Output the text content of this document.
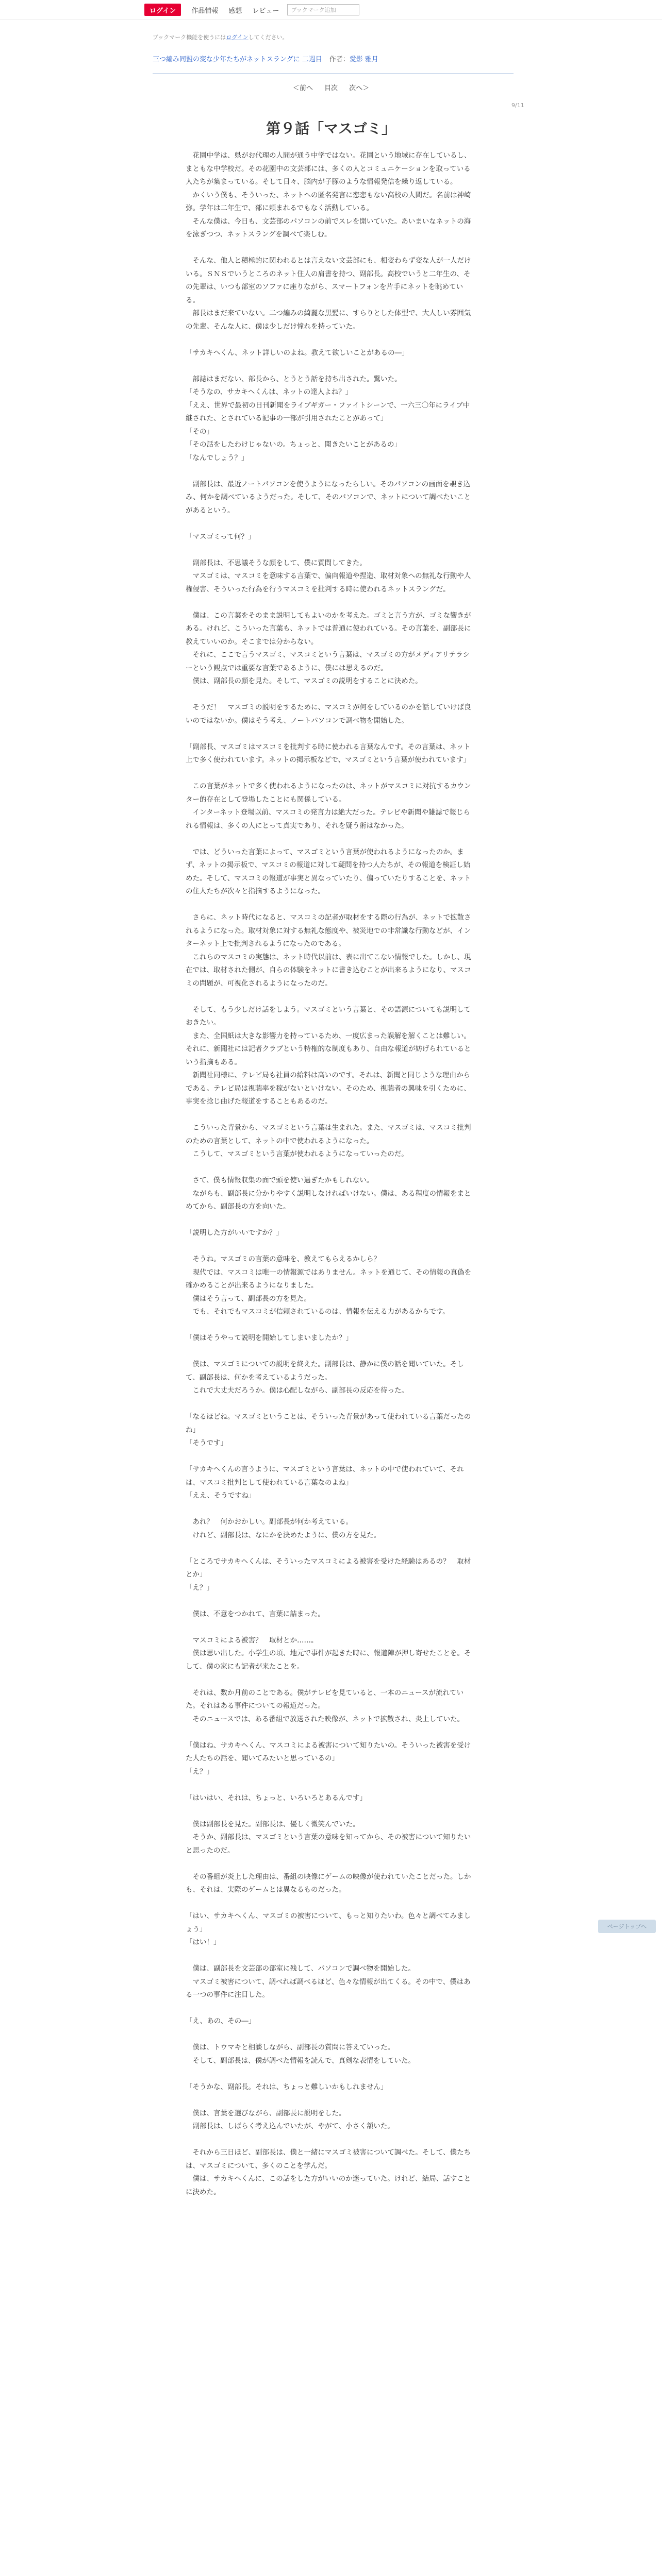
ログイン	作品情報 感想 レビュー	ブックマーク追加
ブックマーク機能を使うにはログインしてください。
三つ編み同盟の変な少年たちがネットスラングに 二週目 作者：愛影 雅月
＜前へ 目次 次へ＞
9/11
第９話「マスゴミ」

　花園中学は、県がお代理の人間が通う中学ではない。花園という地域に存在しているし、まともな中学校だ。その花園中の文芸部には、多くの人とコミュニケーションを取っている人たちが集まっている。そして日々、脳内が子豚のような情報発信を繰り返している。

　かくいう僕も、そういった、ネットへの匿名発言に恋恋もない高校の人間だ。名前は神崎弥。学年は二年生で、部に頼まれるでもなく活動している。

　そんな僕は、今日も、文芸部のパソコンの前でスレを開いていた。あいまいなネットの海を泳ぎつつ、ネットスラングを調べて楽しむ。

　そんな、他人と積極的に関われるとは言えない文芸部にも、相変わらず変な人が一人だけいる。ＳＮＳでいうところのネット住人の肩書を持つ、副部長。高校でいうと二年生の、その先輩は、いつも部室のソファに座りながら、スマートフォンを片手にネットを眺めている。

　部長はまだ来ていない。二つ編みの綺麗な黒髪に、すらりとした体型で、大人しい雰囲気の先輩。そんな人に、僕は少しだけ憧れを持っていた。

「サカキヘくん、ネット詳しいのよね。教えて欲しいことがあるの―」

　部誌はまだない、部長から、とうとう話を持ち出された。驚いた。

「そうなの、サカキヘくんは、ネットの達人よね？」

「ええ、世界で最初の日刊新聞をライブギガー・ファイトシーンで、一六三〇年にライブ中継された、とされている記事の一部が引用されたことがあって」

「その」

「その話をしたわけじゃないの。ちょっと、聞きたいことがあるの」

「なんでしょう？」

　副部長は、最近ノートパソコンを使うようになったらしい。そのパソコンの画面を覗き込み、何かを調べているようだった。そして、そのパソコンで、ネットについて調べたいことがあるという。

「マスゴミって何？」

　副部長は、不思議そうな顔をして、僕に質問してきた。

　マスゴミは、マスコミを意味する言葉で、偏向報道や捏造、取材対象への無礼な行動や人権侵害、そういった行為を行うマスコミを批判する時に使われるネットスラングだ。

　僕は、この言葉をそのまま説明してもよいのかを考えた。ゴミと言う方が、ゴミな響きがある。けれど、こういった言葉も、ネットでは普通に使われている。その言葉を、副部長に教えていいのか。そこまでは分からない。

　それに、ここで言うマスゴミ、マスコミという言葉は、マスゴミの方がメディアリテラシーという観点では重要な言葉であるように、僕には思えるのだ。

　僕は、副部長の顔を見た。そして、マスゴミの説明をすることに決めた。

　そうだ！　マスゴミの説明をするために、マスコミが何をしているのかを話していけば良いのではないか。僕はそう考え、ノートパソコンで調べ物を開始した。

「副部長、マスゴミはマスコミを批判する時に使われる言葉なんです。その言葉は、ネット上で多く使われています。ネットの掲示板などで、マスゴミという言葉が使われています」

　この言葉がネットで多く使われるようになったのは、ネットがマスコミに対抗するカウンター的存在として登場したことにも関係している。

　インターネット登場以前、マスコミの発言力は絶大だった。テレビや新聞や雑誌で報じられる情報は、多くの人にとって真実であり、それを疑う術はなかった。

　では、どういった言葉によって、マスゴミという言葉が使われるようになったのか。まず、ネットの掲示板で、マスコミの報道に対して疑問を持つ人たちが、その報道を検証し始めた。そして、マスコミの報道が事実と異なっていたり、偏っていたりすることを、ネットの住人たちが次々と指摘するようになった。

　さらに、ネット時代になると、マスコミの記者が取材をする際の行為が、ネットで拡散されるようになった。取材対象に対する無礼な態度や、被災地での非常識な行動などが、インターネット上で批判されるようになったのである。

　これらのマスコミの実態は、ネット時代以前は、表に出てこない情報でした。しかし、現在では、取材された側が、自らの体験をネットに書き込むことが出来るようになり、マスコミの問題が、可視化されるようになったのだ。

　そして、もう少しだけ話をしよう。マスゴミという言葉と、その語源についても説明しておきたい。

　また、全国紙は大きな影響力を持っているため、一度広まった誤解を解くことは難しい。それに、新聞社には記者クラブという特権的な制度もあり、自由な報道が妨げられているという指摘もある。

　新聞社同様に、テレビ局も社員の給料は高いのです。それは、新聞と同じような理由からである。テレビ局は視聴率を稼がないといけない。そのため、視聴者の興味を引くために、事実を捻じ曲げた報道をすることもあるのだ。

　こういった背景から、マスゴミという言葉は生まれた。また、マスゴミは、マスコミ批判のための言葉として、ネットの中で使われるようになった。

　こうして、マスゴミという言葉が使われるようになっていったのだ。

　さて、僕も情報収集の面で頭を使い過ぎたかもしれない。

　ながらも、副部長に分かりやすく説明しなければいけない。僕は、ある程度の情報をまとめてから、副部長の方を向いた。

「説明した方がいいですか？」

　そうね。マスゴミの言葉の意味を、教えてもらえるかしら？

　現代では、マスコミは唯一の情報源ではありません。ネットを通じて、その情報の真偽を確かめることが出来るようになりました。

　僕はそう言って、副部長の方を見た。

　でも、それでもマスコミが信頼されているのは、情報を伝える力があるからです。

「僕はそうやって説明を開始してしまいましたか？」

　僕は、マスゴミについての説明を終えた。副部長は、静かに僕の話を聞いていた。そして、副部長は、何かを考えているようだった。

　これで大丈夫だろうか。僕は心配しながら、副部長の反応を待った。

「なるほどね。マスゴミということは、そういった背景があって使われている言葉だったのね」

「そうです」

「サカキヘくんの言うように、マスゴミという言葉は、ネットの中で使われていて、それは、マスコミ批判として使われている言葉なのよね」

「ええ、そうですね」

　あれ？　何かおかしい。副部長が何か考えている。

　けれど、副部長は、なにかを決めたように、僕の方を見た。

「ところでサカキヘくんは、そういったマスコミによる被害を受けた経験はあるの？　取材とか」

「え？」

　僕は、不意をつかれて、言葉に詰まった。

　マスコミによる被害？　取材とか……。

　僕は思い出した。小学生の頃、地元で事件が起きた時に、報道陣が押し寄せたことを。そして、僕の家にも記者が来たことを。

　それは、数か月前のことである。僕がテレビを見ていると、一本のニュースが流れていた。それはある事件についての報道だった。

　そのニュースでは、ある番組で放送された映像が、ネットで拡散され、炎上していた。

「僕はね、サカキヘくん、マスコミによる被害について知りたいの。そういった被害を受けた人たちの話を、聞いてみたいと思っているの」

「え？」

「はいはい、それは、ちょっと、いろいろとあるんです」

　僕は副部長を見た。副部長は、優しく微笑んでいた。

　そうか、副部長は、マスゴミという言葉の意味を知ってから、その被害について知りたいと思ったのだ。

　その番組が炎上した理由は、番組の映像にゲームの映像が使われていたことだった。しかも、それは、実際のゲームとは異なるものだった。

「はい、サカキヘくん、マスゴミの被害について、もっと知りたいわ。色々と調べてみましょう」

「はい！」

　僕は、副部長を文芸部の部室に残して、パソコンで調べ物を開始した。

　マスゴミ被害について、調べれば調べるほど、色々な情報が出てくる。その中で、僕はある一つの事件に注目した。

「え、あの、その―」

　僕は、トウマキと相談しながら、副部長の質問に答えていった。

　そして、副部長は、僕が調べた情報を読んで、真剣な表情をしていた。

「そうかな、副部長。それは、ちょっと難しいかもしれません」

　僕は、言葉を選びながら、副部長に説明をした。

　副部長は、しばらく考え込んでいたが、やがて、小さく頷いた。

　それから三日ほど、副部長は、僕と一緒にマスゴミ被害について調べた。そして、僕たちは、マスゴミについて、多くのことを学んだ。

　僕は、サカキヘくんに、この話をした方がいいのか迷っていた。けれど、結局、話すことに決めた。

ページトップへ
